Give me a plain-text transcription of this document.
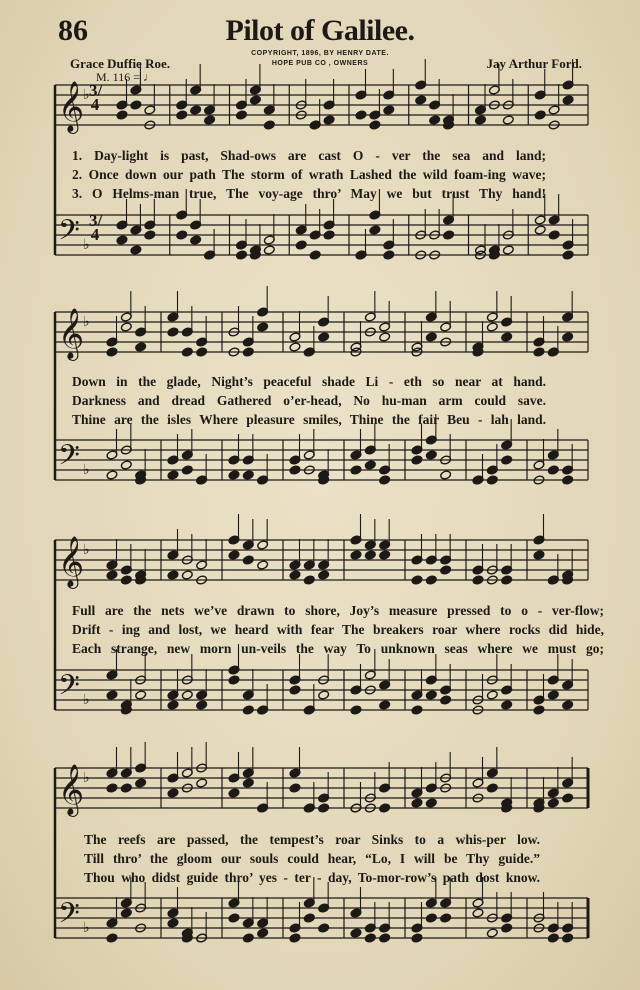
86	Pilot of Galilee.
COPYRIGHT, 1896, BY HENRY DATE.
HOPE PUB CO , OWNERS
Grace Duffie Roe.	Jay Arthur Ford.
M. 116 = ♩
𝄞
♭
𝄢 ♭
𝄞
♭
𝄢 ♭
𝄞
♭
𝄢 ♭
𝄞
♭
𝄢 ♭
3/4
3/4
1. Day-light is past, Shad-ows are cast O - ver the sea and land;
2. Once down our path The storm of wrath Lashed the wild foam-ing wave;
3. O Helms-man true, The voy-age thro’ May we but trust Thy hand!
Down in the glade, Night’s peaceful shade Li - eth so near at hand.
Darkness and dread Gathered o’er-head, No hu-man arm could save.
Thine are the isles Where pleasure smiles, Thine the fair Beu - lah land.
Full are the nets we’ve drawn to shore, Joy’s measure pressed to o - ver-flow;
Drift - ing and lost, we heard with fear The breakers roar where rocks did hide,
Each strange, new morn un-veils the way To unknown seas where we must go;
The reefs are passed, the tempest’s roar Sinks to a whis-per low.
Till thro’ the gloom our souls could hear, “Lo, I will be Thy guide.”
Thou who didst guide thro’ yes - ter - day, To-mor-row’s path dost know.
